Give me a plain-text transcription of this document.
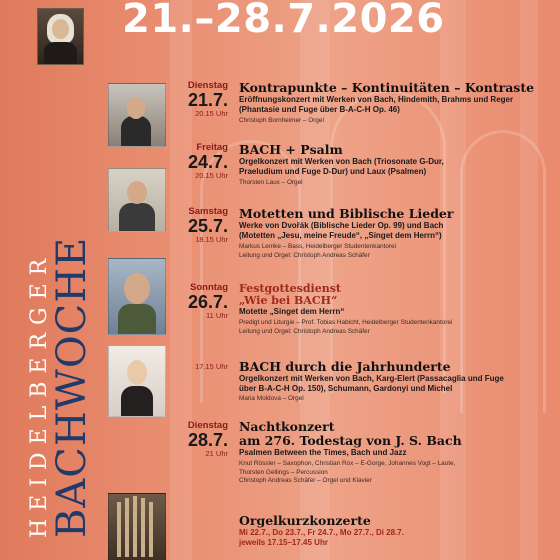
21.–28.7.2026
HEIDELBERGER
BACHWOCHE
Dienstag
21.7.
20.15 Uhr
Kontrapunkte – Kontinuitäten – Kontraste
Eröffnungskonzert mit Werken von Bach, Hindemith, Brahms und Reger
(Phantasie und Fuge über B-A-C-H Op. 46)
Christoph Bornheimer – Orgel
Freitag
24.7.
20.15 Uhr
BACH + Psalm
Orgelkonzert mit Werken von Bach (Triosonate G-Dur,
Praeludium und Fuge D-Dur) und Laux (Psalmen)
Thorsten Laux – Orgel
Samstag
25.7.
18.15 Uhr
Motetten und Biblische Lieder
Werke von Dvořák (Biblische Lieder Op. 99) und Bach
(Motetten „Jesu, meine Freude“, „Singet dem Herrn“)
Markus Lemke – Bass, Heidelberger Studentenkantorei
Leitung und Orgel: Christoph Andreas Schäfer
Sonntag
26.7.
11 Uhr
Festgottesdienst
„Wie bei BACH“
Motette „Singet dem Herrn“
Predigt und Liturgie – Prof. Tobias Habicht, Heidelberger Studentenkantorei
Leitung und Orgel: Christoph Andreas Schäfer
17.15 Uhr BACH durch die Jahrhunderte
Orgelkonzert mit Werken von Bach, Karg-Elert (Passacaglia und Fuge
über B-A-C-H Op. 150), Schumann, Gardonyi und Michel
Maria Moldova – Orgel
Dienstag
28.7.
21 Uhr
Nachtkonzert
am 276. Todestag von J. S. Bach
Psalmen Between the Times, Bach und Jazz
Knut Rössler – Saxophon, Christian Rox – E-Gorge, Johannes Vogt – Laute,
Thorsten Gellings – Percussion
Christoph Andreas Schäfer – Orgel und Klavier
Orgelkurzkonzerte
Mi 22.7., Do 23.7., Fr 24.7., Mo 27.7., Di 28.7.
jeweils 17.15–17.45 Uhr
